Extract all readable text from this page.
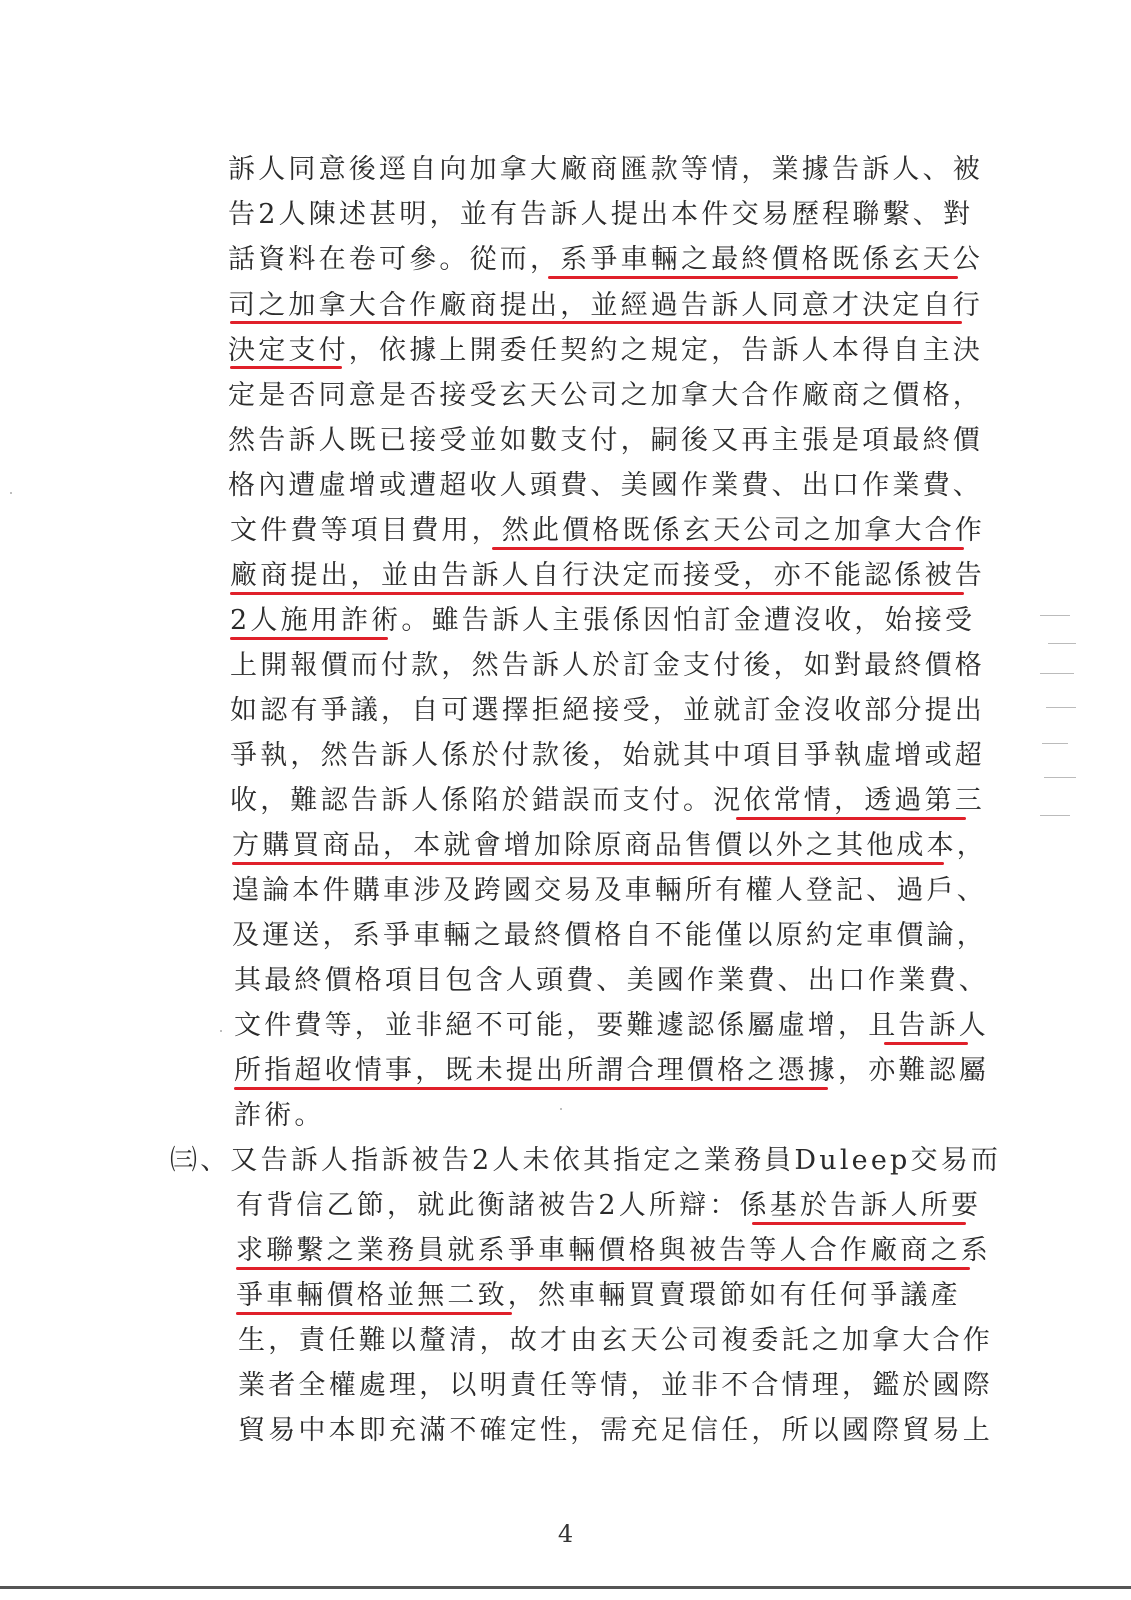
訴人同意後逕自向加拿大廠商匯款等情，業據告訴人、被
告2人陳述甚明，並有告訴人提出本件交易歷程聯繫、對
話資料在卷可參。從而，系爭車輛之最終價格既係玄天公
司之加拿大合作廠商提出，並經過告訴人同意才決定自行
決定支付，依據上開委任契約之規定，告訴人本得自主決
定是否同意是否接受玄天公司之加拿大合作廠商之價格，
然告訴人既已接受並如數支付，嗣後又再主張是項最終價
格內遭虛增或遭超收人頭費、美國作業費、出口作業費、
文件費等項目費用，然此價格既係玄天公司之加拿大合作
廠商提出，並由告訴人自行決定而接受，亦不能認係被告
2人施用詐術。雖告訴人主張係因怕訂金遭沒收，始接受
上開報價而付款，然告訴人於訂金支付後，如對最終價格
如認有爭議，自可選擇拒絕接受，並就訂金沒收部分提出
爭執，然告訴人係於付款後，始就其中項目爭執虛增或超
收，難認告訴人係陷於錯誤而支付。況依常情，透過第三
方購買商品，本就會增加除原商品售價以外之其他成本，
遑論本件購車涉及跨國交易及車輛所有權人登記、過戶、
及運送，系爭車輛之最終價格自不能僅以原約定車價論，
其最終價格項目包含人頭費、美國作業費、出口作業費、
文件費等，並非絕不可能，要難遽認係屬虛增，且告訴人
所指超收情事，既未提出所謂合理價格之憑據，亦難認屬
詐術。
㈢、又告訴人指訴被告2人未依其指定之業務員Duleep交易而
有背信乙節，就此衡諸被告2人所辯：係基於告訴人所要
求聯繫之業務員就系爭車輛價格與被告等人合作廠商之系
爭車輛價格並無二致，然車輛買賣環節如有任何爭議產
生，責任難以釐清，故才由玄天公司複委託之加拿大合作
業者全權處理，以明責任等情，並非不合情理，鑑於國際
貿易中本即充滿不確定性，需充足信任，所以國際貿易上
4
